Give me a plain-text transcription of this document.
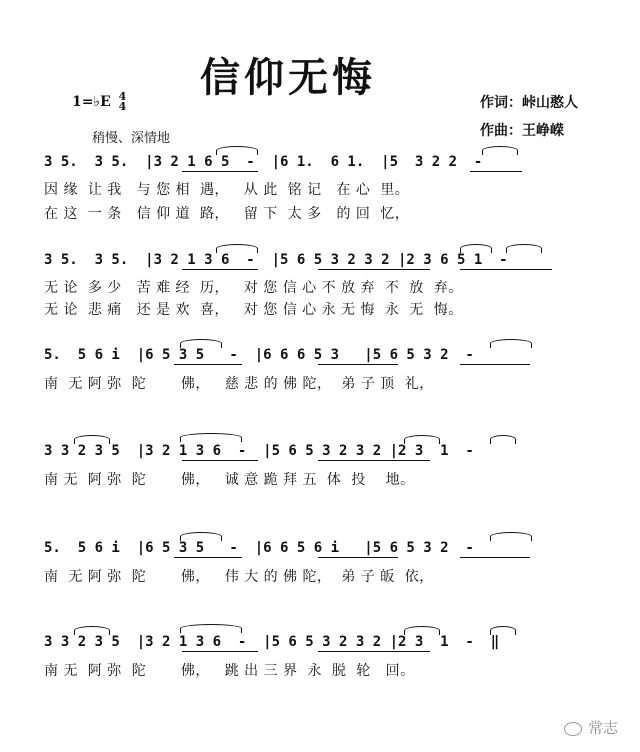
信仰无悔
1=♭E 4
4
稍慢、深情地
作词：峠山憨人
作曲：王峥嵘
3 5.  3 5.  |3 2 1 6 5  -  |6 1.  6 1.  |5  3 2 2  -
因 缘  让 我   与 您 相  遇，   从 此  铭 记   在 心  里。
在 这  一 条   信 仰 道  路，   留 下  太 多   的 回  忆，
3 5.  3 5.  |3 2 1 3 6  -  |5 6 5 3 2 3 2 |2 3 6 5 1  -
无 论  多 少   苦 难 经  历，   对 您 信 心 不 放 弃  不  放  弃。
无 论  悲 痛   还 是 欢  喜，   对 您 信 心 永 无 悔  永  无  悔。
5.  5 6 i  |6 5 3 5   -  |6 6 6 5 3   |5 6 5 3 2  -
南  无 阿 弥  陀       佛，   慈 悲 的 佛 陀，  弟 子 顶  礼，
3 3 2 3 5  |3 2 1 3 6  -  |5 6 5 3 2 3 2 |2 3  1  -
南 无  阿 弥  陀       佛，   诚 意 跪 拜 五  体  投    地。
5.  5 6 i  |6 5 3 5   -  |6 6 5 6 i   |5 6 5 3 2  -
南  无 阿 弥  陀       佛，   伟 大 的 佛 陀，  弟 子 皈  依，
3 3 2 3 5  |3 2 1 3 6  -  |5 6 5 3 2 3 2 |2 3  1  -  ‖
南 无  阿 弥  陀       佛，   跳 出 三 界  永  脱  轮   回。
常志
